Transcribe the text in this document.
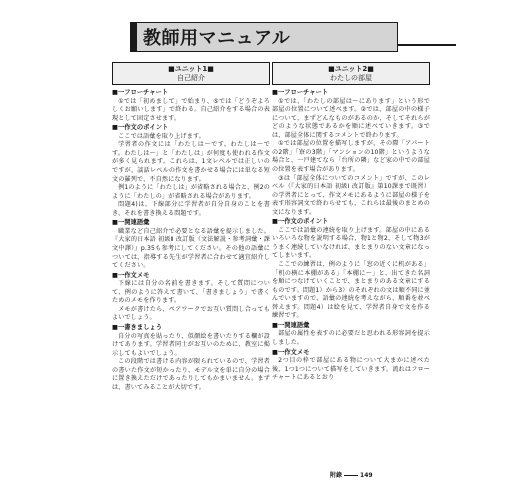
教師用マニュアル
■ユニット1■
自己紹介
■一フローチャート

①では「初めまして」で始まり、⑤では「どうぞよろしくお願いします」で終わる。自己紹介をする場合の表現として固定させます。

■一作文のポイント

ここでは語彙を取り上げます。

学習者の作文には「わたしは～です。わたしは～です。わたしは～」と「わたしは」が何度も使われる作文が多く見られます。これらは、1文レベルでは正しいのですが、談話レベルの作文を書かせる場合には単なる短文の羅列で、不自然になります。

例1のように「わたしは」が省略される場合と、例2のように「わたしの」が省略される場合があります。

問題4)は、下線部分に学習者が自分自身のことを書き、それを書き換える問題です。

■一関連語彙

職業など自己紹介で必要となる語彙を提示しました。『大家的日本語 初級Ⅱ 改訂版（文法解説・参考詞彙・課文中譯）』p.35も参考にしてください。その他の語彙については、指導する先生が学習者に合わせて適宜紹介してください。

■一作文メモ

下線には自分の名前を書きます。そして質問について、例のように答えて書いて、「書きましょう」で書くためのメモを作ります。

メモが書けたら、ペアワークでお互い質問し合ってもよいでしょう。

■一書きましょう

自分の写真を貼ったり、似顔絵を書いたりする欄が設けてあります。学習者同士がお互いのために、教室に掲示してもよいでしょう。

この段階では書ける内容が限られているので、学習者の書いた作文が短かったり、モデル文を単に自分の場合に置き換えただけであったりしてもかまいません。まずは、書いてみることが大切です。

■ユニット2■
わたしの部屋
■一フローチャート

①では、「わたしの部屋は～にあります」という形で部屋の位置について述べます。②では、部屋の中の様子について、まずどんなものがあるのか、そしてそれらがどのような状態であるかを順に述べていきます。③では、部屋全体に関するコメントで終わります。

①では部屋の位置を描写しますが、その際「アパートの2階」「寮の3階」「マンションの10階」というような場合と、一戸建てなら「台所の隣」など家の中での部屋の位置を表す場合があります。

③は「部屋全体についてのコメント」ですが、このレベル（『大家的日本語 初級Ⅰ 改訂版』第10課まで既習）の学習者にとって、作文メモにあるように部屋の様子を表す形容詞文で終わらせても、これらは最後のまとめの文になります。

■一作文のポイント

ここでは語彙の連続を取り上げます。部屋の中にあるいろいろな物を説明する場合、物1と物2、そして物3がうまく連続していなければ、まとまりのない文章になってしまいます。

ここでの練習は、例のように「窓の近くに机がある」「机の横に本棚がある」「本棚に～」と、出てきた名詞を順につなげていくことで、まとまりのある文章にするものです。問題1）から3）のそれぞれの文は順不同に並んでいますので、語彙の連続を考えながら、順番を並べ替えます。問題4）は絵を見て、学習者自身で文を作る練習です。

■一関連語彙

部屋の属性を表すのに必要だと思われる形容詞を提示しました。

■一作文メモ

2つ目の枠で部屋にある物について大まかに述べた後、1つ1つについて描写をしていきます。流れはフローチャートにあるとおり

附錄	149
